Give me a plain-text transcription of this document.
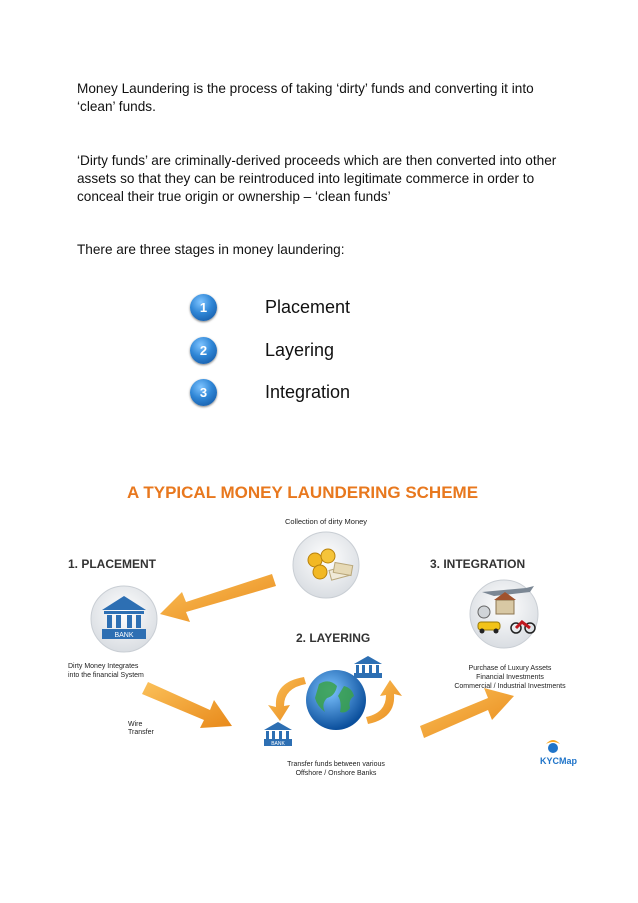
Money Laundering is the process of taking ‘dirty’ funds and converting it into ‘clean’ funds.

‘Dirty funds’ are criminally-derived proceeds which are then converted into other assets so that they can be reintroduced into legitimate commerce in order to conceal their true origin or ownership – ‘clean funds’

There are three stages in money laundering:

1	Placement
2	Layering
3	Integration
A TYPICAL MONEY LAUNDERING SCHEME
Collection of dirty Money
1. PLACEMENT
BANK
Dirty Money Integrates
into the financial System
Wire
Transfer
2. LAYERING
BANK
Transfer funds between various
Offshore / Onshore Banks
3. INTEGRATION
Purchase of Luxury Assets
Financial Investments
Commercial / Industrial Investments
KYCMap
